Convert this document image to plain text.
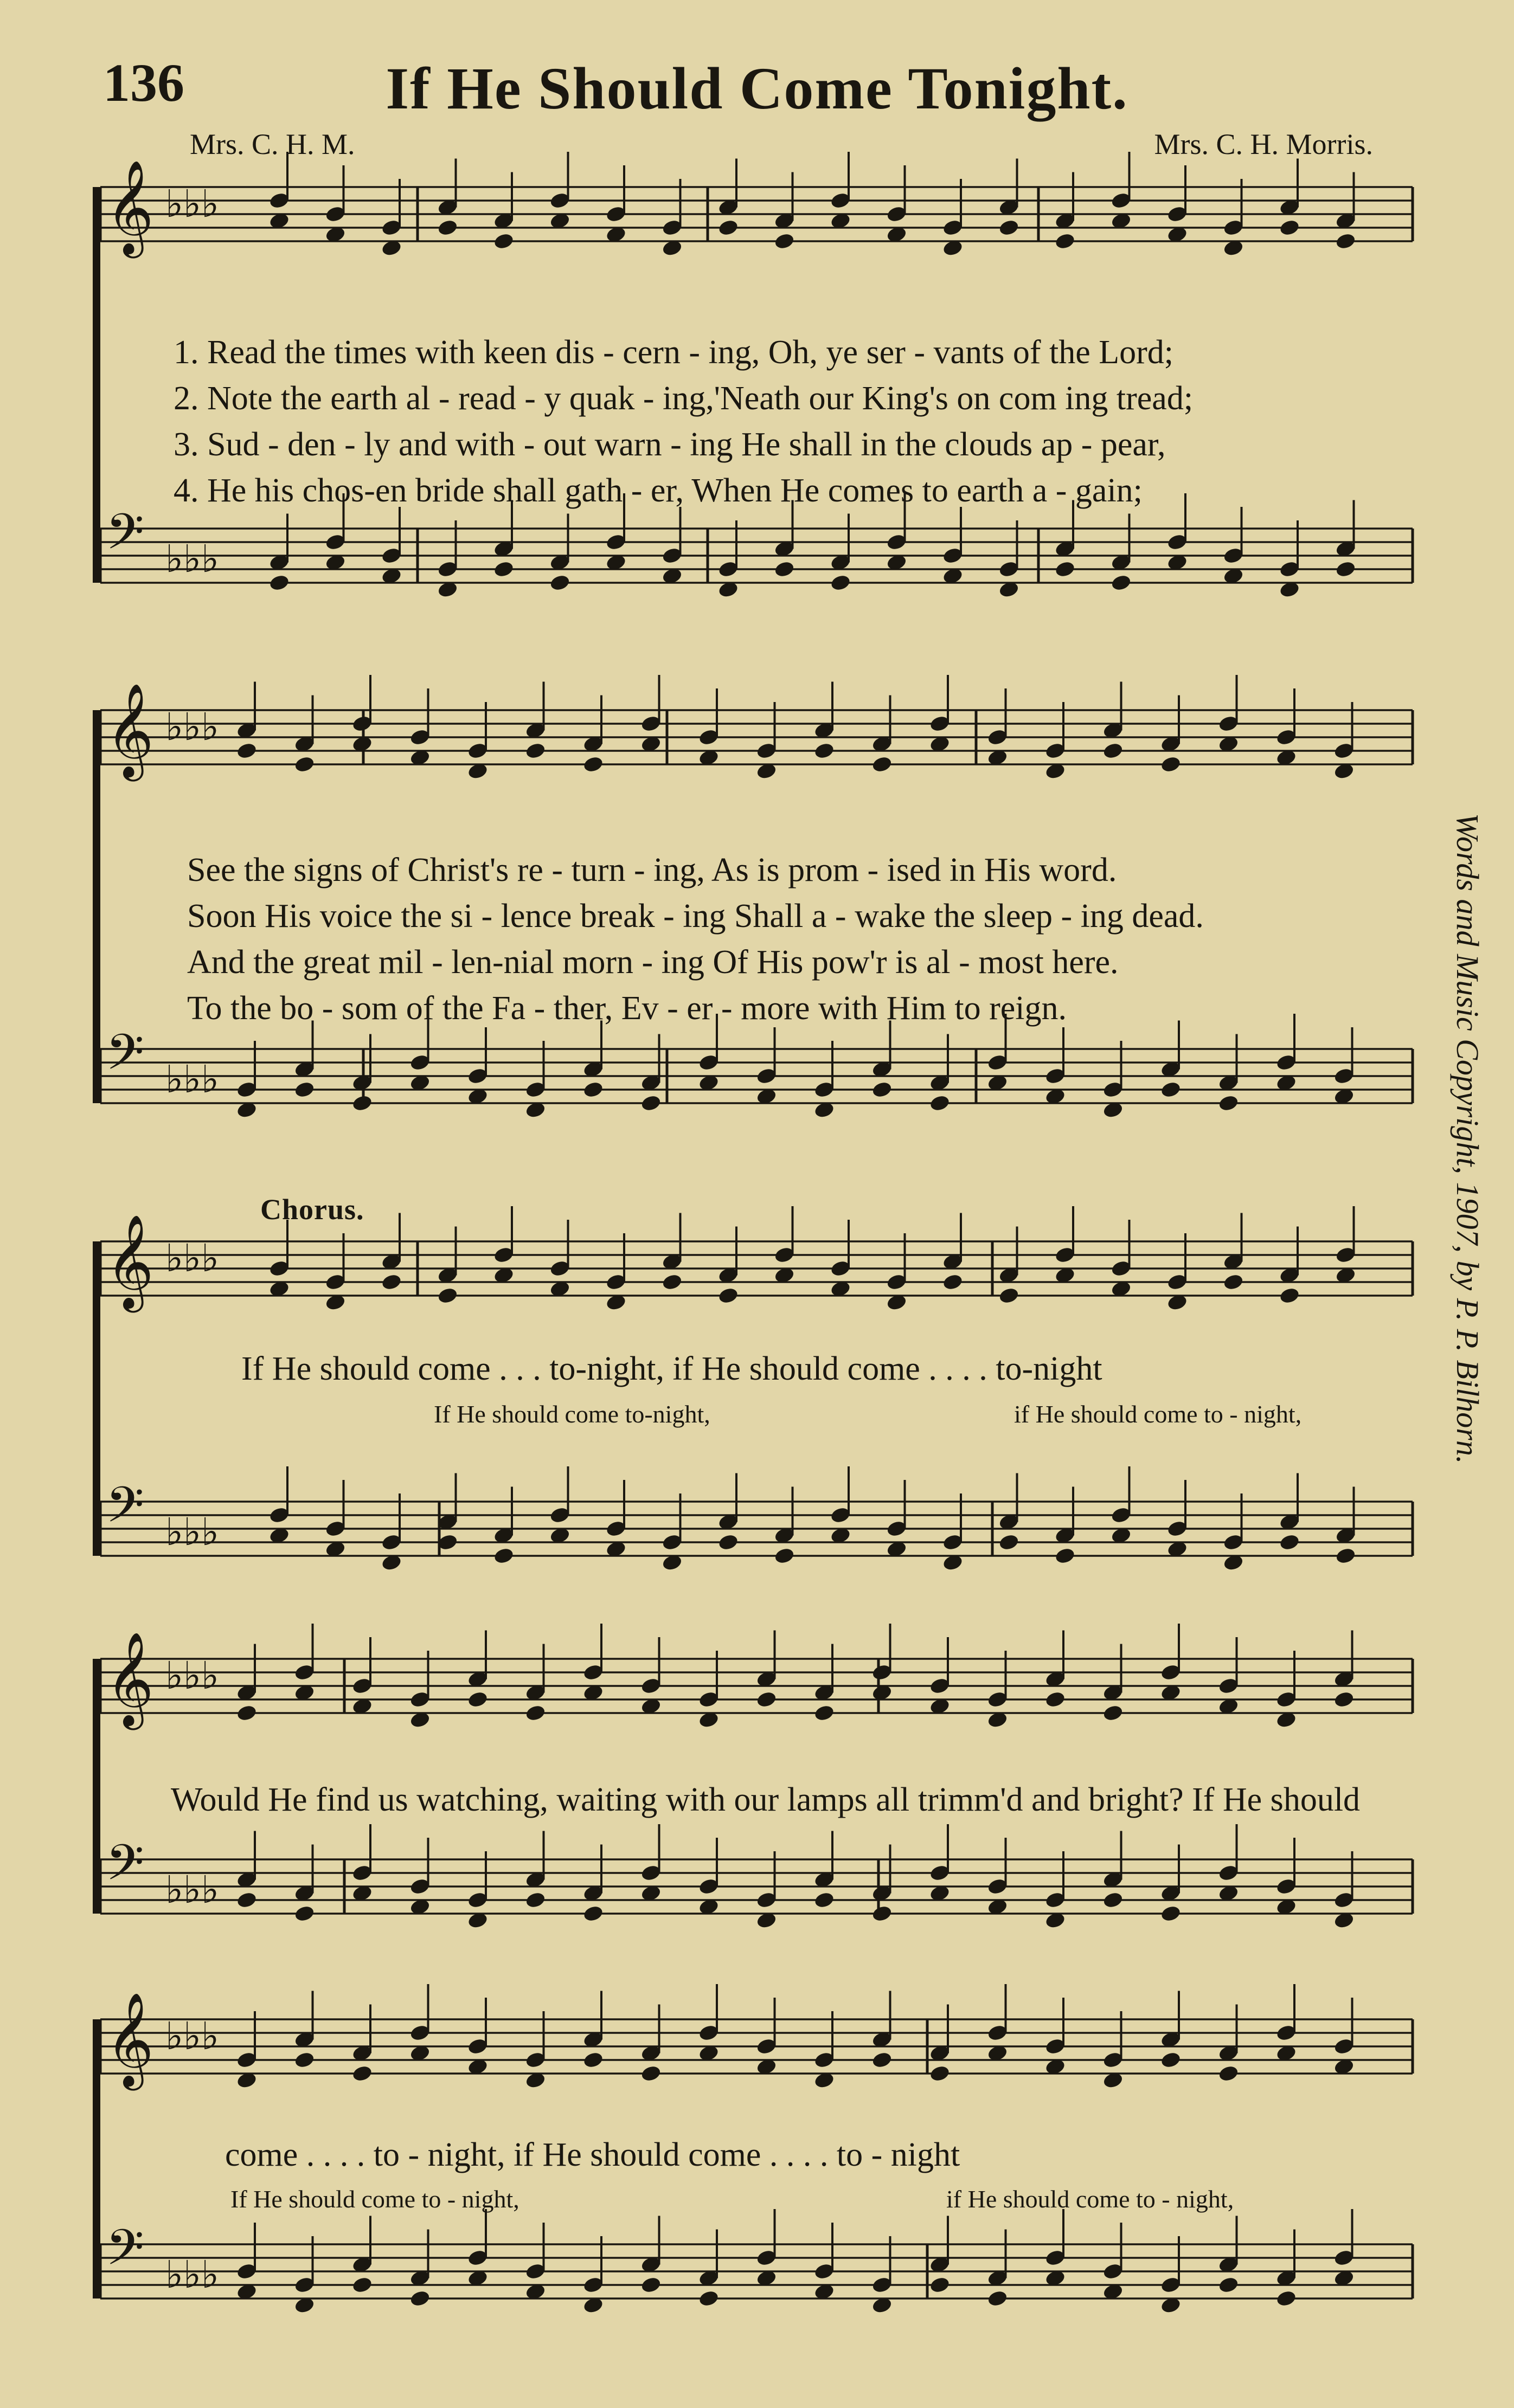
136	If He Should Come Tonight.
Mrs. C. H. M.	Mrs. C. H. Morris.
Words and Music Copyright, 1907, by P. P. Bilhorn.
𝄞 ♭♭♭
𝄢 ♭♭♭
𝄞 ♭♭♭
𝄢 ♭♭♭
𝄞 ♭♭♭
𝄢 ♭♭♭
𝄞 ♭♭♭
𝄢 ♭♭♭
𝄞 ♭♭♭
𝄢 ♭♭♭
1. Read the times with keen dis - cern - ing, Oh, ye ser - vants of the Lord;
2. Note the earth al - read - y quak - ing,'Neath our King's on com ing tread;
3. Sud - den - ly and with - out warn - ing He shall in the clouds ap - pear,
4. He his chos-en bride shall gath - er, When He comes to earth a - gain;
See the signs of Christ's re - turn - ing, As is prom - ised in His word.
Soon His voice the si - lence break - ing Shall a - wake the sleep - ing dead.
And the great mil - len-nial morn - ing Of His pow'r is al - most here.
To the bo - som of the Fa - ther, Ev - er - more with Him to reign.
Chorus.
If He should come . . . to-night, if He should come . . . . to-night
If He should come to-night,	if He should come to - night,
Would He find us watching, waiting with our lamps all trimm'd and bright? If He should
come . . . . to - night, if He should come . . . . to - night
If He should come to - night,	if He should come to - night,
